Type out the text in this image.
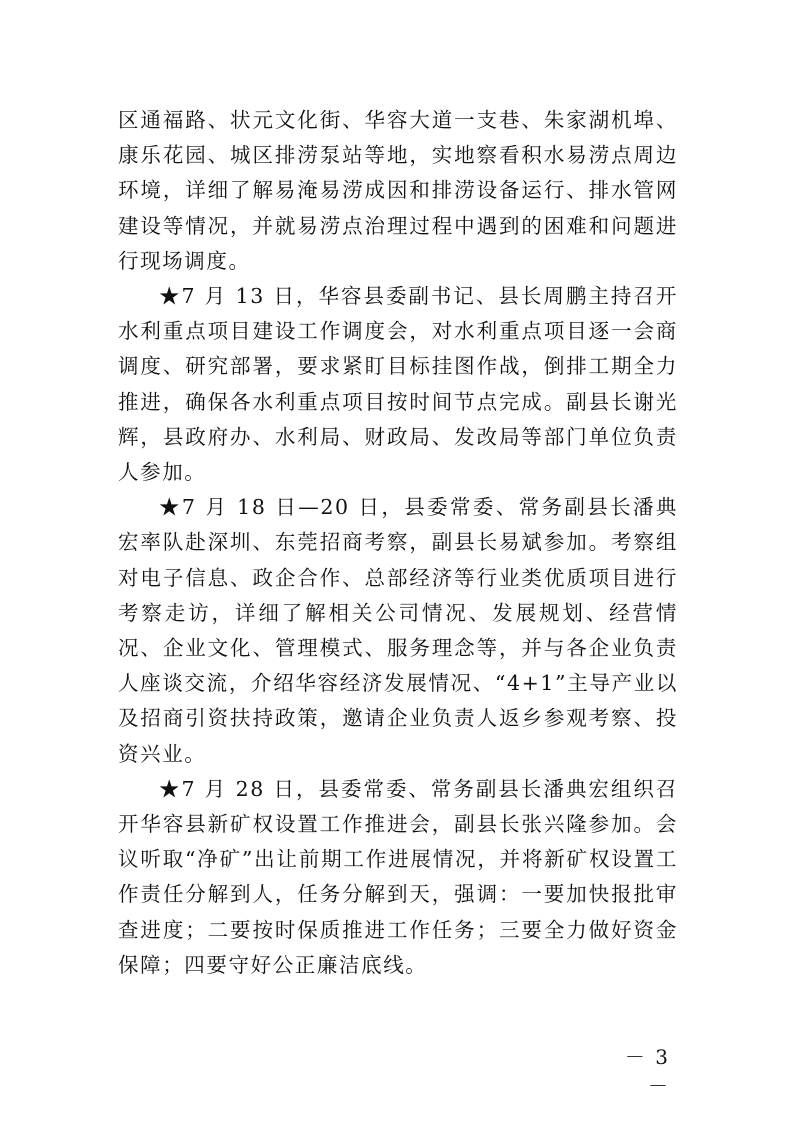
区通福路、状元文化街、华容大道一支巷、朱家湖机埠、康乐花园、城区排涝泵站等地，实地察看积水易涝点周边环境，详细了解易淹易涝成因和排涝设备运行、排水管网建设等情况，并就易涝点治理过程中遇到的困难和问题进行现场调度。

★7 月 13 日，华容县委副书记、县长周鹏主持召开水利重点项目建设工作调度会，对水利重点项目逐一会商调度、研究部署，要求紧盯目标挂图作战，倒排工期全力推进，确保各水利重点项目按时间节点完成。副县长谢光辉，县政府办、水利局、财政局、发改局等部门单位负责人参加。

★7 月 18 日—20 日，县委常委、常务副县长潘典宏率队赴深圳、东莞招商考察，副县长易斌参加。考察组对电子信息、政企合作、总部经济等行业类优质项目进行考察走访，详细了解相关公司情况、发展规划、经营情况、企业文化、管理模式、服务理念等，并与各企业负责人座谈交流，介绍华容经济发展情况、“4+1”主导产业以及招商引资扶持政策，邀请企业负责人返乡参观考察、投资兴业。

★7 月 28 日，县委常委、常务副县长潘典宏组织召开华容县新矿权设置工作推进会，副县长张兴隆参加。会议听取“净矿”出让前期工作进展情况，并将新矿权设置工作责任分解到人，任务分解到天，强调：一要加快报批审查进度；二要按时保质推进工作任务；三要全力做好资金保障；四要守好公正廉洁底线。

－ 3 －
